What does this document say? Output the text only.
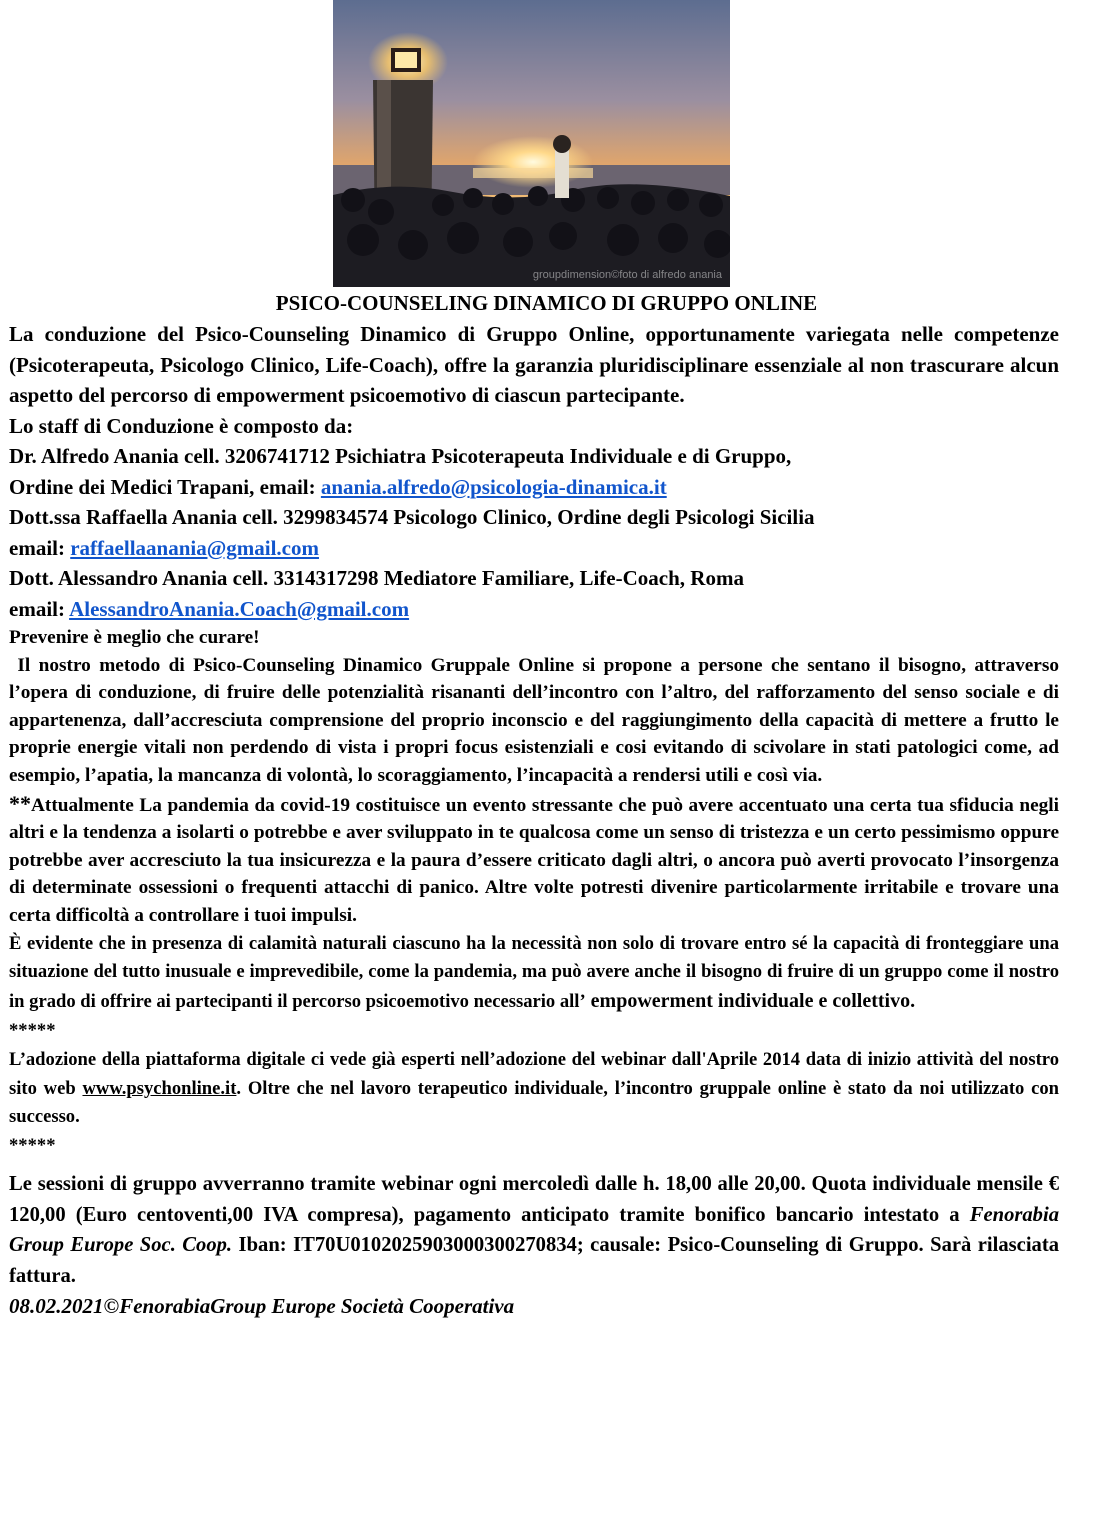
groupdimension©foto di alfredo anania
PSICO-COUNSELING DINAMICO DI GRUPPO ONLINE

La conduzione del Psico-Counseling Dinamico di Gruppo Online, opportunamente variegata nelle competenze (Psicoterapeuta, Psicologo Clinico, Life-Coach), offre la garanzia pluridisciplinare essenziale al non trascurare alcun aspetto del percorso di empowerment psicoemotivo di ciascun partecipante.

Lo staff di Conduzione è composto da:

Dr. Alfredo Anania cell. 3206741712 Psichiatra Psicoterapeuta Individuale e di Gruppo,
Ordine dei Medici Trapani, email: anania.alfredo@psicologia-dinamica.it
Dott.ssa Raffaella Anania cell. 3299834574 Psicologo Clinico, Ordine degli Psicologi Sicilia
email: raffaellaanania@gmail.com
Dott. Alessandro Anania cell. 3314317298 Mediatore Familiare, Life-Coach, Roma
email: AlessandroAnania.Coach@gmail.com

Prevenire è meglio che curare!

Il nostro metodo di Psico-Counseling Dinamico Gruppale Online si propone a persone che sentano il bisogno, attraverso l’opera di conduzione, di fruire delle potenzialità risananti dell’incontro con l’altro, del rafforzamento del senso sociale e di appartenenza, dall’accresciuta comprensione del proprio inconscio e del raggiungimento della capacità di mettere a frutto le proprie energie vitali non perdendo di vista i propri focus esistenziali e cosi evitando di scivolare in stati patologici come, ad esempio, l’apatia, la mancanza di volontà, lo scoraggiamento, l’incapacità a rendersi utili e così via.

**Attualmente La pandemia da covid-19 costituisce un evento stressante che può avere accentuato una certa tua sfiducia negli altri e la tendenza a isolarti o potrebbe e aver sviluppato in te qualcosa come un senso di tristezza e un certo pessimismo oppure potrebbe aver accresciuto la tua insicurezza e la paura d’essere criticato dagli altri, o ancora può averti provocato l’insorgenza di determinate ossessioni o frequenti attacchi di panico. Altre volte potresti divenire particolarmente irritabile e trovare una certa difficoltà a controllare i tuoi impulsi.

È evidente che in presenza di calamità naturali ciascuno ha la necessità non solo di trovare entro sé la capacità di fronteggiare una situazione del tutto inusuale e imprevedibile, come la pandemia, ma può avere anche il bisogno di fruire di un gruppo come il nostro in grado di offrire ai partecipanti il percorso psicoemotivo necessario all’ empowerment individuale e collettivo.

*****

L’adozione della piattaforma digitale ci vede già esperti nell’adozione del webinar dall'Aprile 2014 data di inizio attività del nostro sito web www.psychonline.it. Oltre che nel lavoro terapeutico individuale, l’incontro gruppale online è stato da noi utilizzato con successo.

*****

Le sessioni di gruppo avverranno tramite webinar ogni mercoledì dalle h. 18,00 alle 20,00. Quota individuale mensile € 120,00 (Euro centoventi,00 IVA compresa), pagamento anticipato tramite bonifico bancario intestato a Fenorabia Group Europe Soc. Coop. Iban: IT70U0102025903000300270834; causale: Psico-Counseling di Gruppo. Sarà rilasciata fattura.

08.02.2021©FenorabiaGroup Europe Società Cooperativa
